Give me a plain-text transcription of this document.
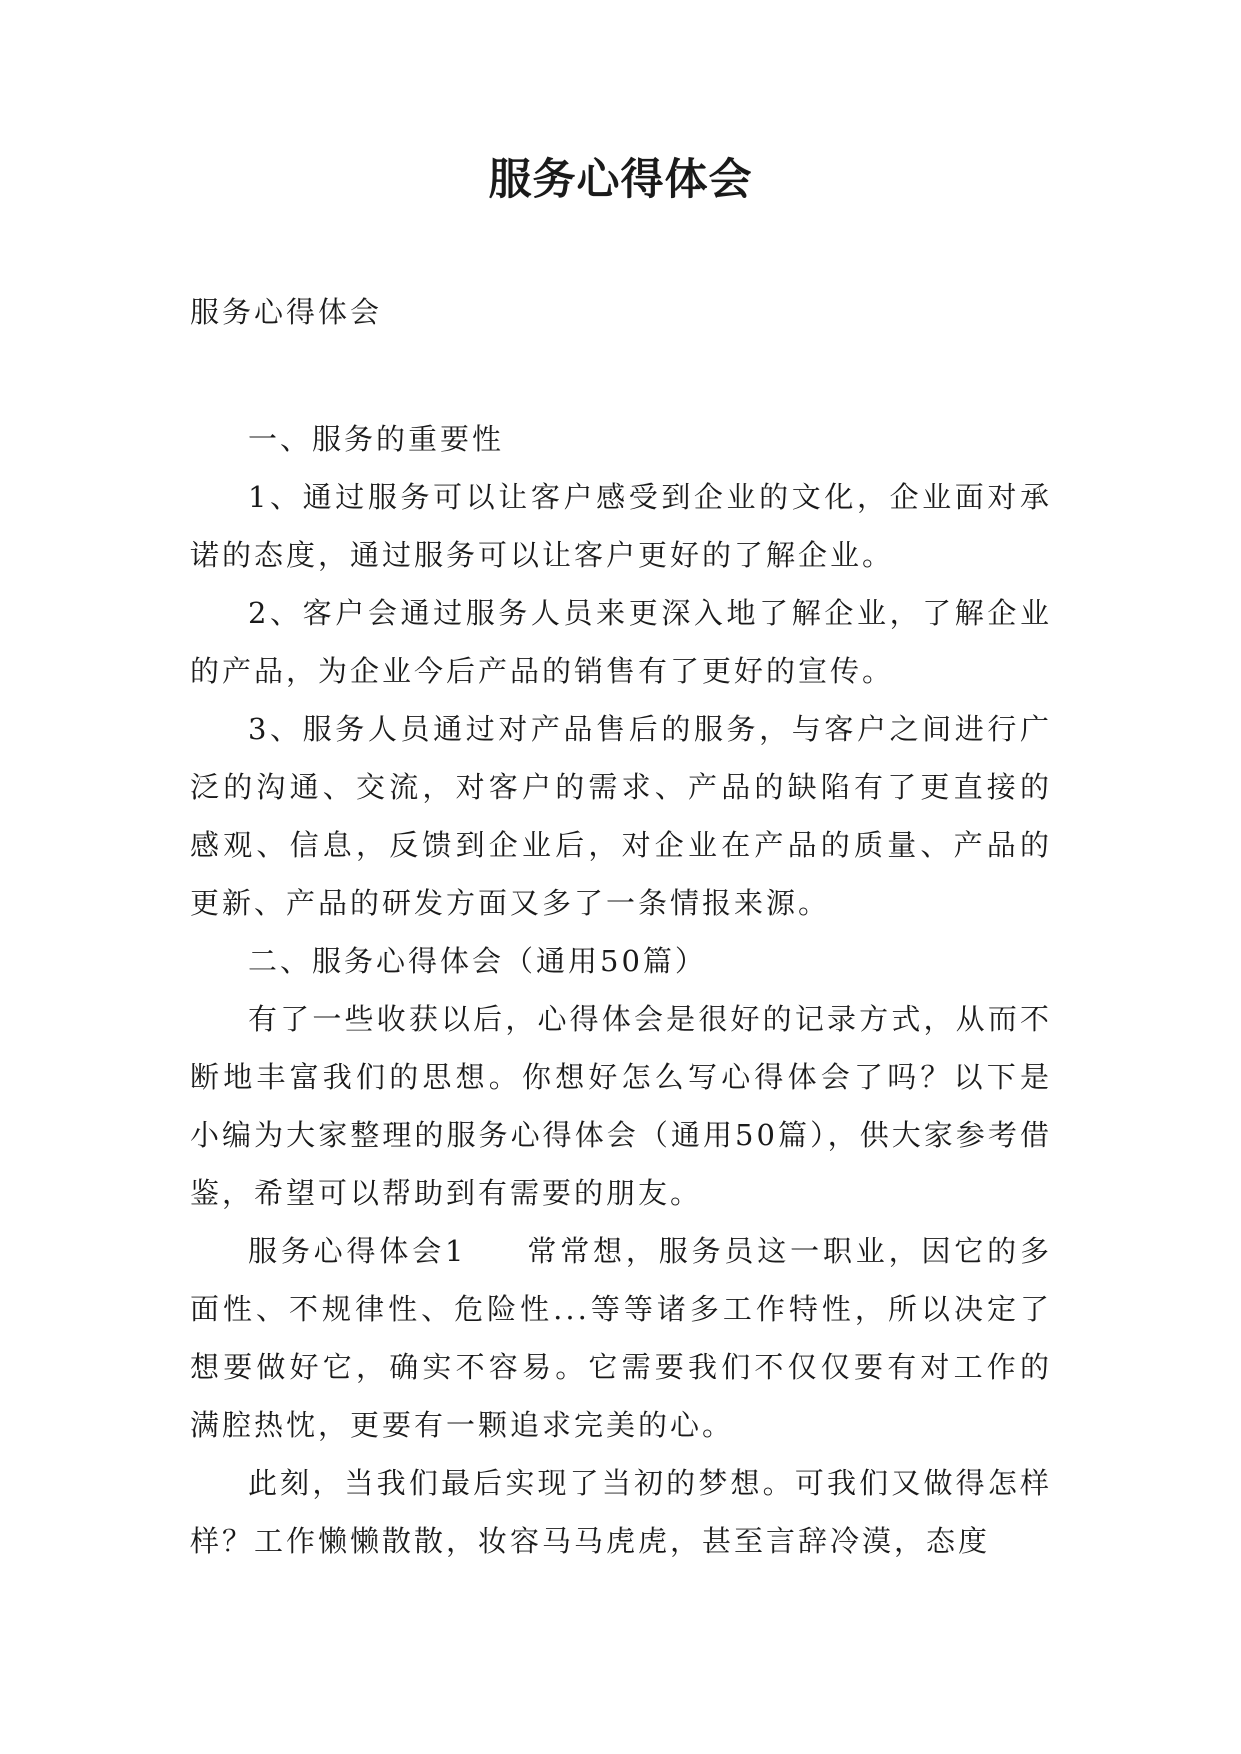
服务心得体会

服务心得体会

一、服务的重要性

1、通过服务可以让客户感受到企业的文化，企业面对承诺的态度，通过服务可以让客户更好的了解企业。

2、客户会通过服务人员来更深入地了解企业，了解企业的产品，为企业今后产品的销售有了更好的宣传。

3、服务人员通过对产品售后的服务，与客户之间进行广泛的沟通、交流，对客户的需求、产品的缺陷有了更直接的感观、信息，反馈到企业后，对企业在产品的质量、产品的更新、产品的研发方面又多了一条情报来源。

二、服务心得体会（通用50篇）

有了一些收获以后，心得体会是很好的记录方式，从而不断地丰富我们的思想。你想好怎么写心得体会了吗？以下是小编为大家整理的服务心得体会（通用50篇），供大家参考借鉴，希望可以帮助到有需要的朋友。

服务心得体会1 常常想，服务员这一职业，因它的多面性、不规律性、危险性...等等诸多工作特性，所以决定了想要做好它，确实不容易。它需要我们不仅仅要有对工作的满腔热忱，更要有一颗追求完美的心。

此刻，当我们最后实现了当初的梦想。可我们又做得怎样样？工作懒懒散散，妆容马马虎虎，甚至言辞冷漠，态度
